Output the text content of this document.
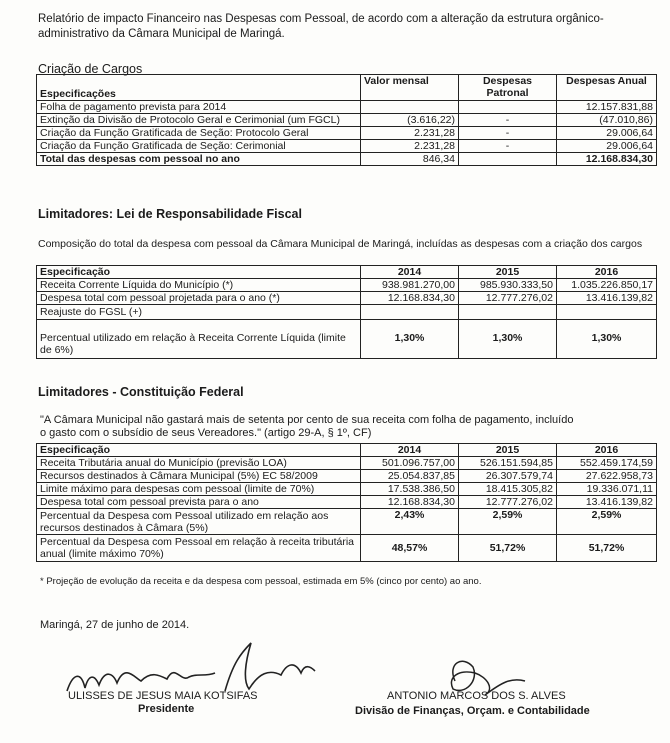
Relatório de impacto Financeiro nas Despesas com Pessoal, de acordo com a alteração da estrutura orgânico-administrativo da Câmara Municipal de Maringá.
Criação de Cargos
Especificações	Valor mensal	Despesas Patronal	Despesas Anual
Folha de pagamento prevista para 2014			12.157.831,88
Extinção da Divisão de Protocolo Geral e Cerimonial (um FGCL)	(3.616,22)	-	(47.010,86)
Criação da Função Gratificada de Seção: Protocolo Geral	2.231,28	-	29.006,64
Criação da Função Gratificada de Seção: Cerimonial	2.231,28	-	29.006,64
Total das despesas com pessoal no ano	846,34		12.168.834,30
Limitadores: Lei de Responsabilidade Fiscal
Composição do total da despesa com pessoal da Câmara Municipal de Maringá, incluídas as despesas com a criação dos cargos
Especificação	2014	2015	2016
Receita Corrente Líquida do Município (*)	938.981.270,00	985.930.333,50	1.035.226.850,17
Despesa total com pessoal projetada para o ano (*)	12.168.834,30	12.777.276,02	13.416.139,82
Reajuste do FGSL (+)			

Percentual utilizado em relação à Receita Corrente Líquida (limite de 6%)	1,30%	1,30%	1,30%
Limitadores - Constituição Federal
"A Câmara Municipal não gastará mais de setenta por cento de sua receita com folha de pagamento, incluído o gasto com o subsídio de seus Vereadores." (artigo 29-A, § 1º, CF)
Especificação	2014	2015	2016
Receita Tributária anual do Município (previsão LOA)	501.096.757,00	526.151.594,85	552.459.174,59
Recursos destinados à Câmara Municipal (5%) EC 58/2009	25.054.837,85	26.307.579,74	27.622.958,73
Limite máximo para despesas com pessoal (limite de 70%)	17.538.386,50	18.415.305,82	19.336.071,11
Despesa total com pessoal prevista para o ano	12.168.834,30	12.777.276,02	13.416.139,82
Percentual da Despesa com Pessoal utilizado em relação aos recursos destinados à Câmara (5%)	2,43%	2,59%	2,59%
Percentual da Despesa com Pessoal em relação à receita tributária anual (limite máximo 70%)	48,57%	51,72%	51,72%
* Projeção de evolução da receita e da despesa com pessoal, estimada em 5% (cinco por cento) ao ano.
Maringá, 27 de junho de 2014.
ULISSES DE JESUS MAIA KOTSIFAS
Presidente
ANTONIO MARCOS DOS S. ALVES
Divisão de Finanças, Orçam. e Contabilidade
